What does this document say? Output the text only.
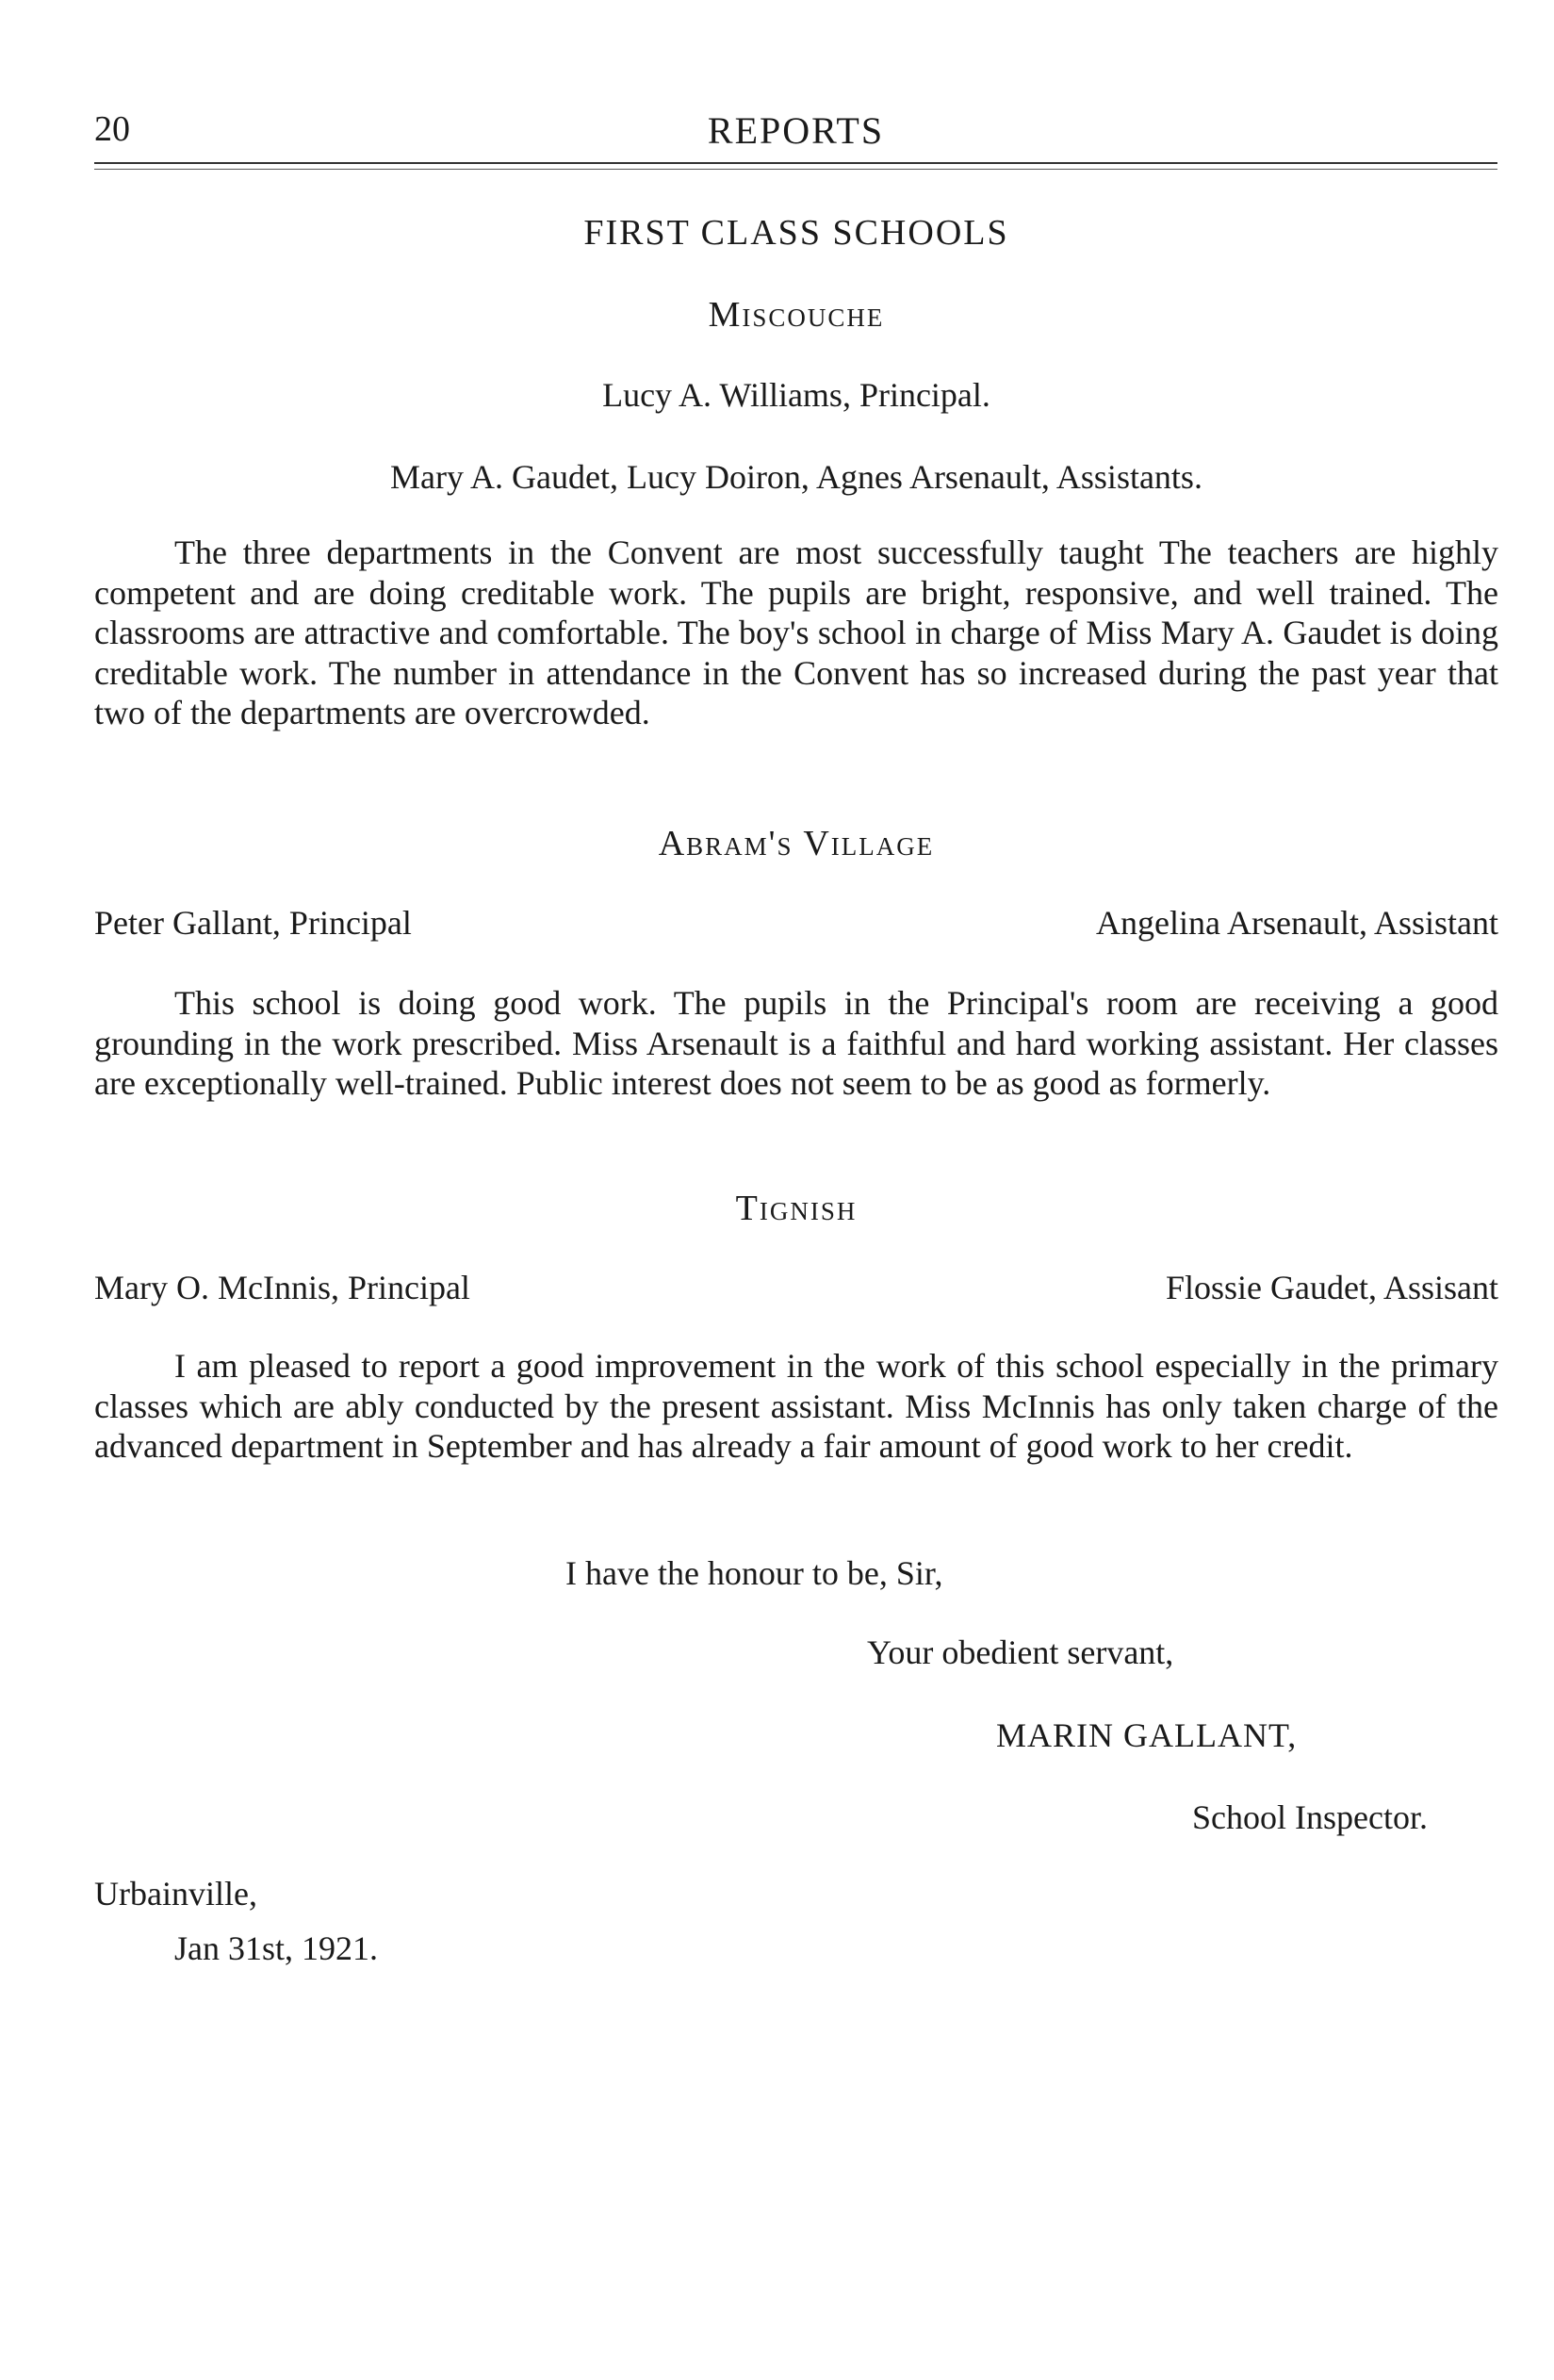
20	REPORTS
FIRST CLASS SCHOOLS
Miscouche
Lucy A. Williams, Principal.
Mary A. Gaudet, Lucy Doiron, Agnes Arsenault, Assistants.

The three departments in the Convent are most successfully taught The teachers are highly competent and are doing creditable work. The pupils are bright, responsive, and well trained. The classrooms are attractive and comfortable. The boy's school in charge of Miss Mary A. Gaudet is doing creditable work. The number in attendance in the Convent has so increased during the past year that two of the departments are overcrowded.

Abram's Village
Peter Gallant, Principal	Angelina Arsenault, Assistant

This school is doing good work. The pupils in the Principal's room are receiving a good grounding in the work prescribed. Miss Arsenault is a faithful and hard working assistant. Her classes are exceptionally well-trained. Public interest does not seem to be as good as formerly.

Tignish
Mary O. McInnis, Principal	Flossie Gaudet, Assisant

I am pleased to report a good improvement in the work of this school especially in the primary classes which are ably conducted by the present assistant. Miss McInnis has only taken charge of the advanced department in September and has already a fair amount of good work to her credit.

I have the honour to be, Sir,
Your obedient servant,
MARIN GALLANT,
School Inspector.
Urbainville,
Jan 31st, 1921.
